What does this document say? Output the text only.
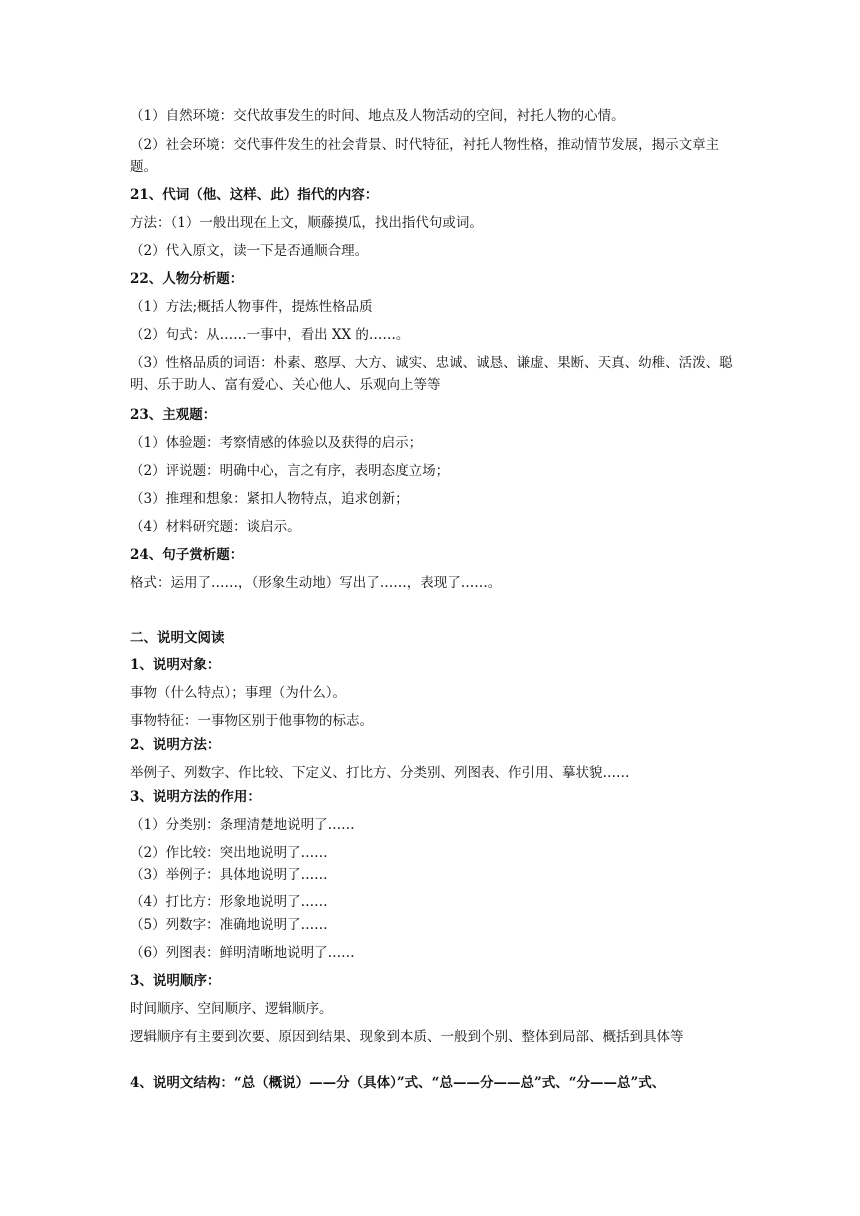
（1）自然环境：交代故事发生的时间、地点及人物活动的空间，衬托人物的心情。
（2）社会环境：交代事件发生的社会背景、时代特征，衬托人物性格，推动情节发展，揭示文章主题。
21、代词（他、这样、此）指代的内容：
方法：（1）一般出现在上文，顺藤摸瓜，找出指代句或词。
（2）代入原文，读一下是否通顺合理。
22、人物分析题：
（1）方法;概括人物事件，提炼性格品质
（2）句式：从……一事中，看出 XX 的……。
（3）性格品质的词语：朴素、憨厚、大方、诚实、忠诚、诚恳、谦虚、果断、天真、幼稚、活泼、聪明、乐于助人、富有爱心、关心他人、乐观向上等等
23、主观题：
（1）体验题：考察情感的体验以及获得的启示；
（2）评说题：明确中心，言之有序，表明态度立场；
（3）推理和想象：紧扣人物特点，追求创新；
（4）材料研究题：谈启示。
24、句子赏析题：
格式：运用了……，（形象生动地）写出了……，表现了……。
二、说明文阅读
1、说明对象：
事物（什么特点）；事理（为什么）。
事物特征：一事物区别于他事物的标志。
2、说明方法：
举例子、列数字、作比较、下定义、打比方、分类别、列图表、作引用、摹状貌……
3、说明方法的作用：
（1）分类别：条理清楚地说明了……
（2）作比较：突出地说明了……
（3）举例子：具体地说明了……
（4）打比方：形象地说明了……
（5）列数字：准确地说明了……
（6）列图表：鲜明清晰地说明了……
3、说明顺序：
时间顺序、空间顺序、逻辑顺序。
逻辑顺序有主要到次要、原因到结果、现象到本质、一般到个别、整体到局部、概括到具体等
4、说明文结构：“总（概说）——分（具体）”式、“总——分——总”式、“分——总”式、
